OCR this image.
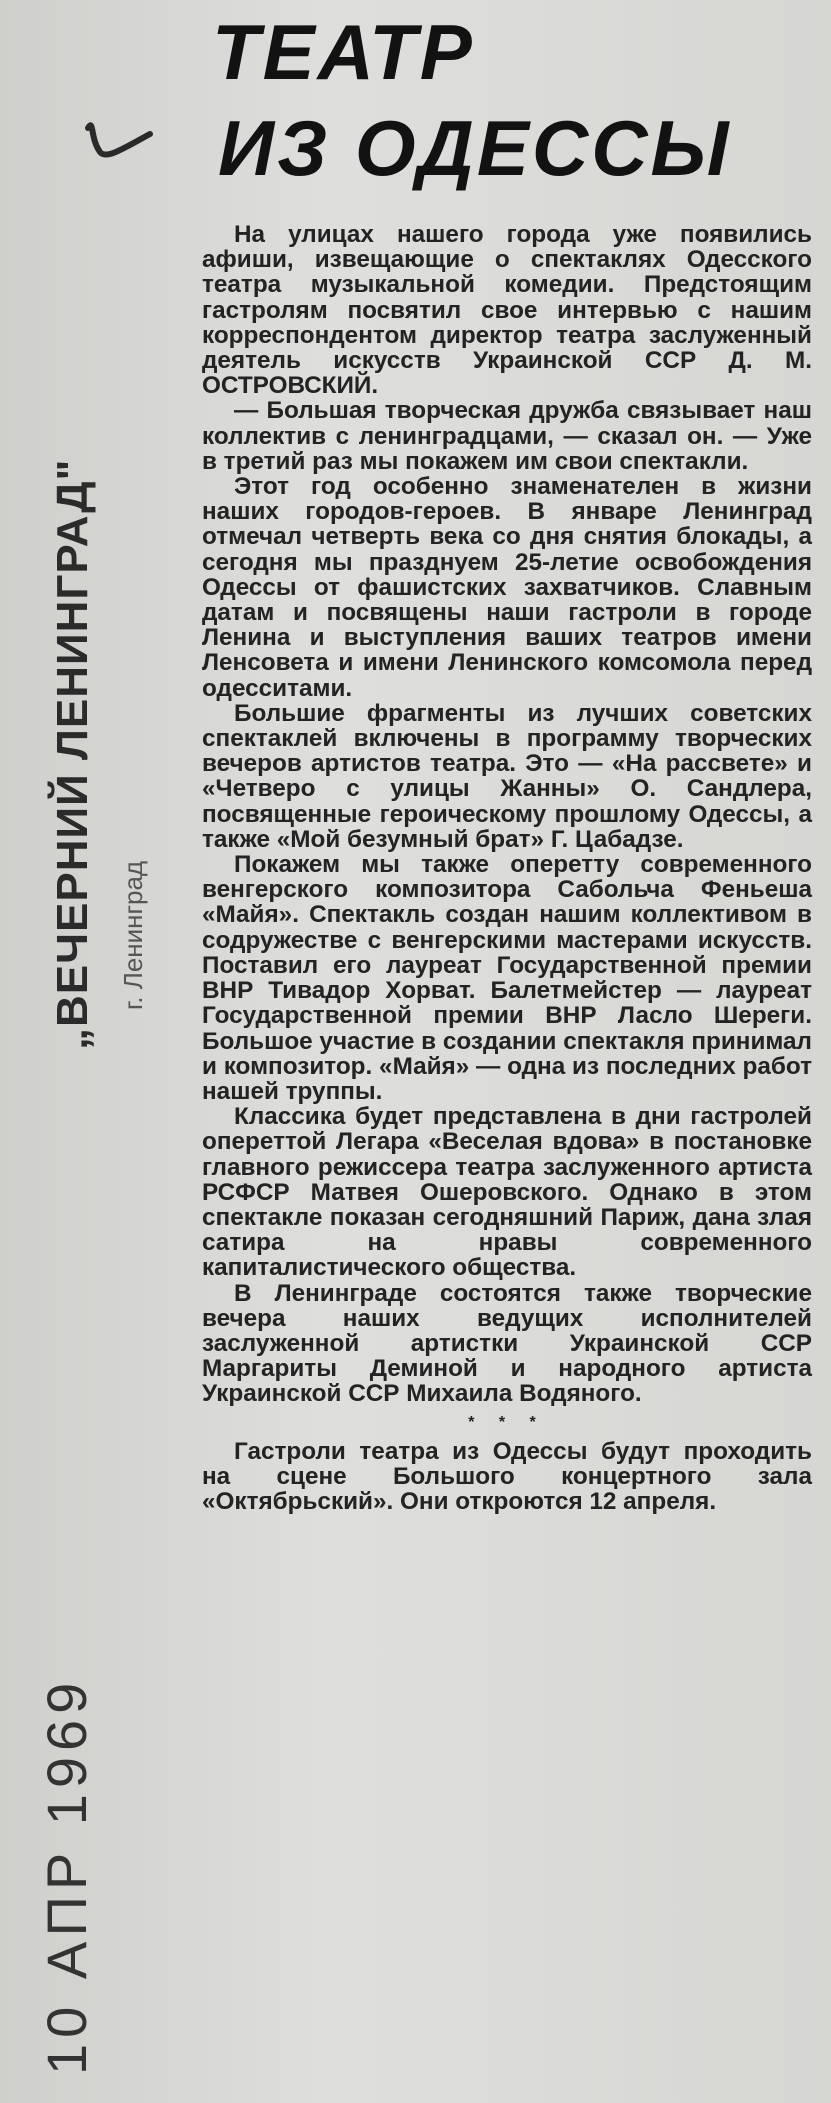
ТЕАТР
ИЗ ОДЕССЫ
„ВЕЧЕРНИЙ ЛЕНИНГРАД" г. Ленинград
10 АПР 1969

На улицах нашего города уже появились афиши, извещающие о спектаклях Одесского театра музыкальной комедии. Предстоящим гастролям посвятил свое интервью с нашим корреспондентом директор театра заслуженный деятель искусств Украинской ССР Д. М. ОСТРОВСКИЙ.

— Большая творческая дружба связывает наш коллектив с ленинградцами, — сказал он. — Уже в третий раз мы покажем им свои спектакли.

Этот год особенно знаменателен в жизни наших городов-героев. В январе Ленинград отмечал четверть века со дня снятия блокады, а сегодня мы празднуем 25-летие освобождения Одессы от фашистских захватчиков. Славным датам и посвящены наши гастроли в городе Ленина и выступления ваших театров имени Ленсовета и имени Ленинского комсомола перед одесситами.

Большие фрагменты из лучших советских спектаклей включены в программу творческих вечеров артистов театра. Это — «На рассвете» и «Четверо с улицы Жанны» О. Сандлера, посвященные героическому прошлому Одессы, а также «Мой безумный брат» Г. Цабадзе.

Покажем мы также оперетту современного венгерского композитора Сабольча Феньеша «Майя». Спектакль создан нашим коллективом в содружестве с венгерскими мастерами искусств. Поставил его лауреат Государственной премии ВНР Тивадор Хорват. Балетмейстер — лауреат Государственной премии ВНР Ласло Шереги. Большое участие в создании спектакля принимал и композитор. «Майя» — одна из последних работ нашей труппы.

Классика будет представлена в дни гастролей опереттой Легара «Веселая вдова» в постановке главного режиссера театра заслуженного артиста РСФСР Матвея Ошеровского. Однако в этом спектакле показан сегодняшний Париж, дана злая сатира на нравы современного капиталистического общества.

В Ленинграде состоятся также творческие вечера наших ведущих исполнителей заслуженной артистки Украинской ССР Маргариты Деминой и народного артиста Украинской ССР Михаила Водяного.

* * *

Гастроли театра из Одессы будут проходить на сцене Большого концертного зала «Октябрьский». Они откроются 12 апреля.
